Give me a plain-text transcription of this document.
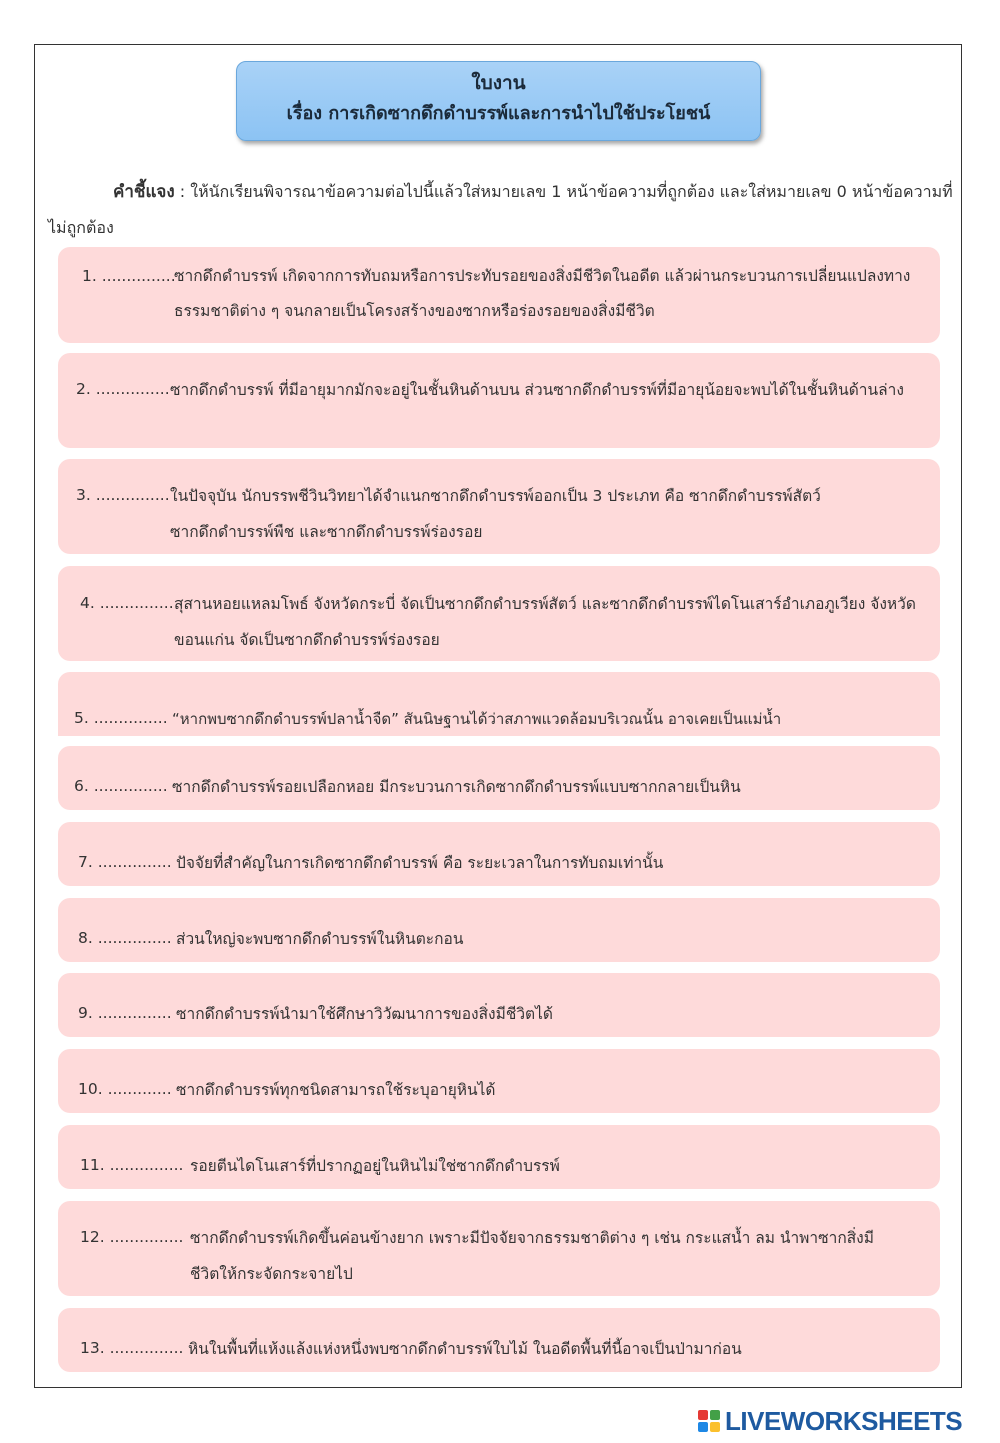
ใบงาน
เรื่อง การเกิดซากดึกดำบรรพ์และการนำไปใช้ประโยชน์
คำชี้แจง : ให้นักเรียนพิจารณาข้อความต่อไปนี้แล้วใส่หมายเลข 1 หน้าข้อความที่ถูกต้อง และใส่หมายเลข 0 หน้าข้อความที่ไม่ถูกต้อง
1. ...............
ซากดึกดำบรรพ์ เกิดจากการทับถมหรือการประทับรอยของสิ่งมีชีวิตในอดีต แล้วผ่านกระบวนการเปลี่ยนแปลงทางธรรมชาติต่าง ๆ จนกลายเป็นโครงสร้างของซากหรือร่องรอยของสิ่งมีชีวิต
2. ............... ซากดึกดำบรรพ์ ที่มีอายุมากมักจะอยู่ในชั้นหินด้านบน ส่วนซากดึกดำบรรพ์ที่มีอายุน้อยจะพบได้ในชั้นหินด้านล่าง
3. ............... ในปัจจุบัน นักบรรพชีวินวิทยาได้จำแนกซากดึกดำบรรพ์ออกเป็น 3 ประเภท คือ ซากดึกดำบรรพ์สัตว์ ซากดึกดำบรรพ์พืช และซากดึกดำบรรพ์ร่องรอย
4. ............... สุสานหอยแหลมโพธ์ จังหวัดกระบี่ จัดเป็นซากดึกดำบรรพ์สัตว์ และซากดึกดำบรรพ์ไดโนเสาร์อำเภอภูเวียง จังหวัดขอนแก่น จัดเป็นซากดึกดำบรรพ์ร่องรอย
5. ............... “หากพบซากดึกดำบรรพ์ปลาน้ำจืด” สันนิษฐานได้ว่าสภาพแวดล้อมบริเวณนั้น อาจเคยเป็นแม่น้ำ
6. ............... ซากดึกดำบรรพ์รอยเปลือกหอย มีกระบวนการเกิดซากดึกดำบรรพ์แบบซากกลายเป็นหิน
7. ............... ปัจจัยที่สำคัญในการเกิดซากดึกดำบรรพ์ คือ ระยะเวลาในการทับถมเท่านั้น
8. ............... ส่วนใหญ่จะพบซากดึกดำบรรพ์ในหินตะกอน
9. ............... ซากดึกดำบรรพ์นำมาใช้ศึกษาวิวัฒนาการของสิ่งมีชีวิตได้
10. ............. ซากดึกดำบรรพ์ทุกชนิดสามารถใช้ระบุอายุหินได้
11. ............... รอยตีนไดโนเสาร์ที่ปรากฏอยู่ในหินไม่ใช่ซากดึกดำบรรพ์
12. ............... ซากดึกดำบรรพ์เกิดขึ้นค่อนข้างยาก เพราะมีปัจจัยจากธรรมชาติต่าง ๆ เช่น กระแสน้ำ ลม นำพาซากสิ่งมีชีวิตให้กระจัดกระจายไป
13. ............... หินในพื้นที่แห้งแล้งแห่งหนึ่งพบซากดึกดำบรรพ์ใบไม้ ในอดีตพื้นที่นี้อาจเป็นป่ามาก่อน
LIVEWORKSHEETS
